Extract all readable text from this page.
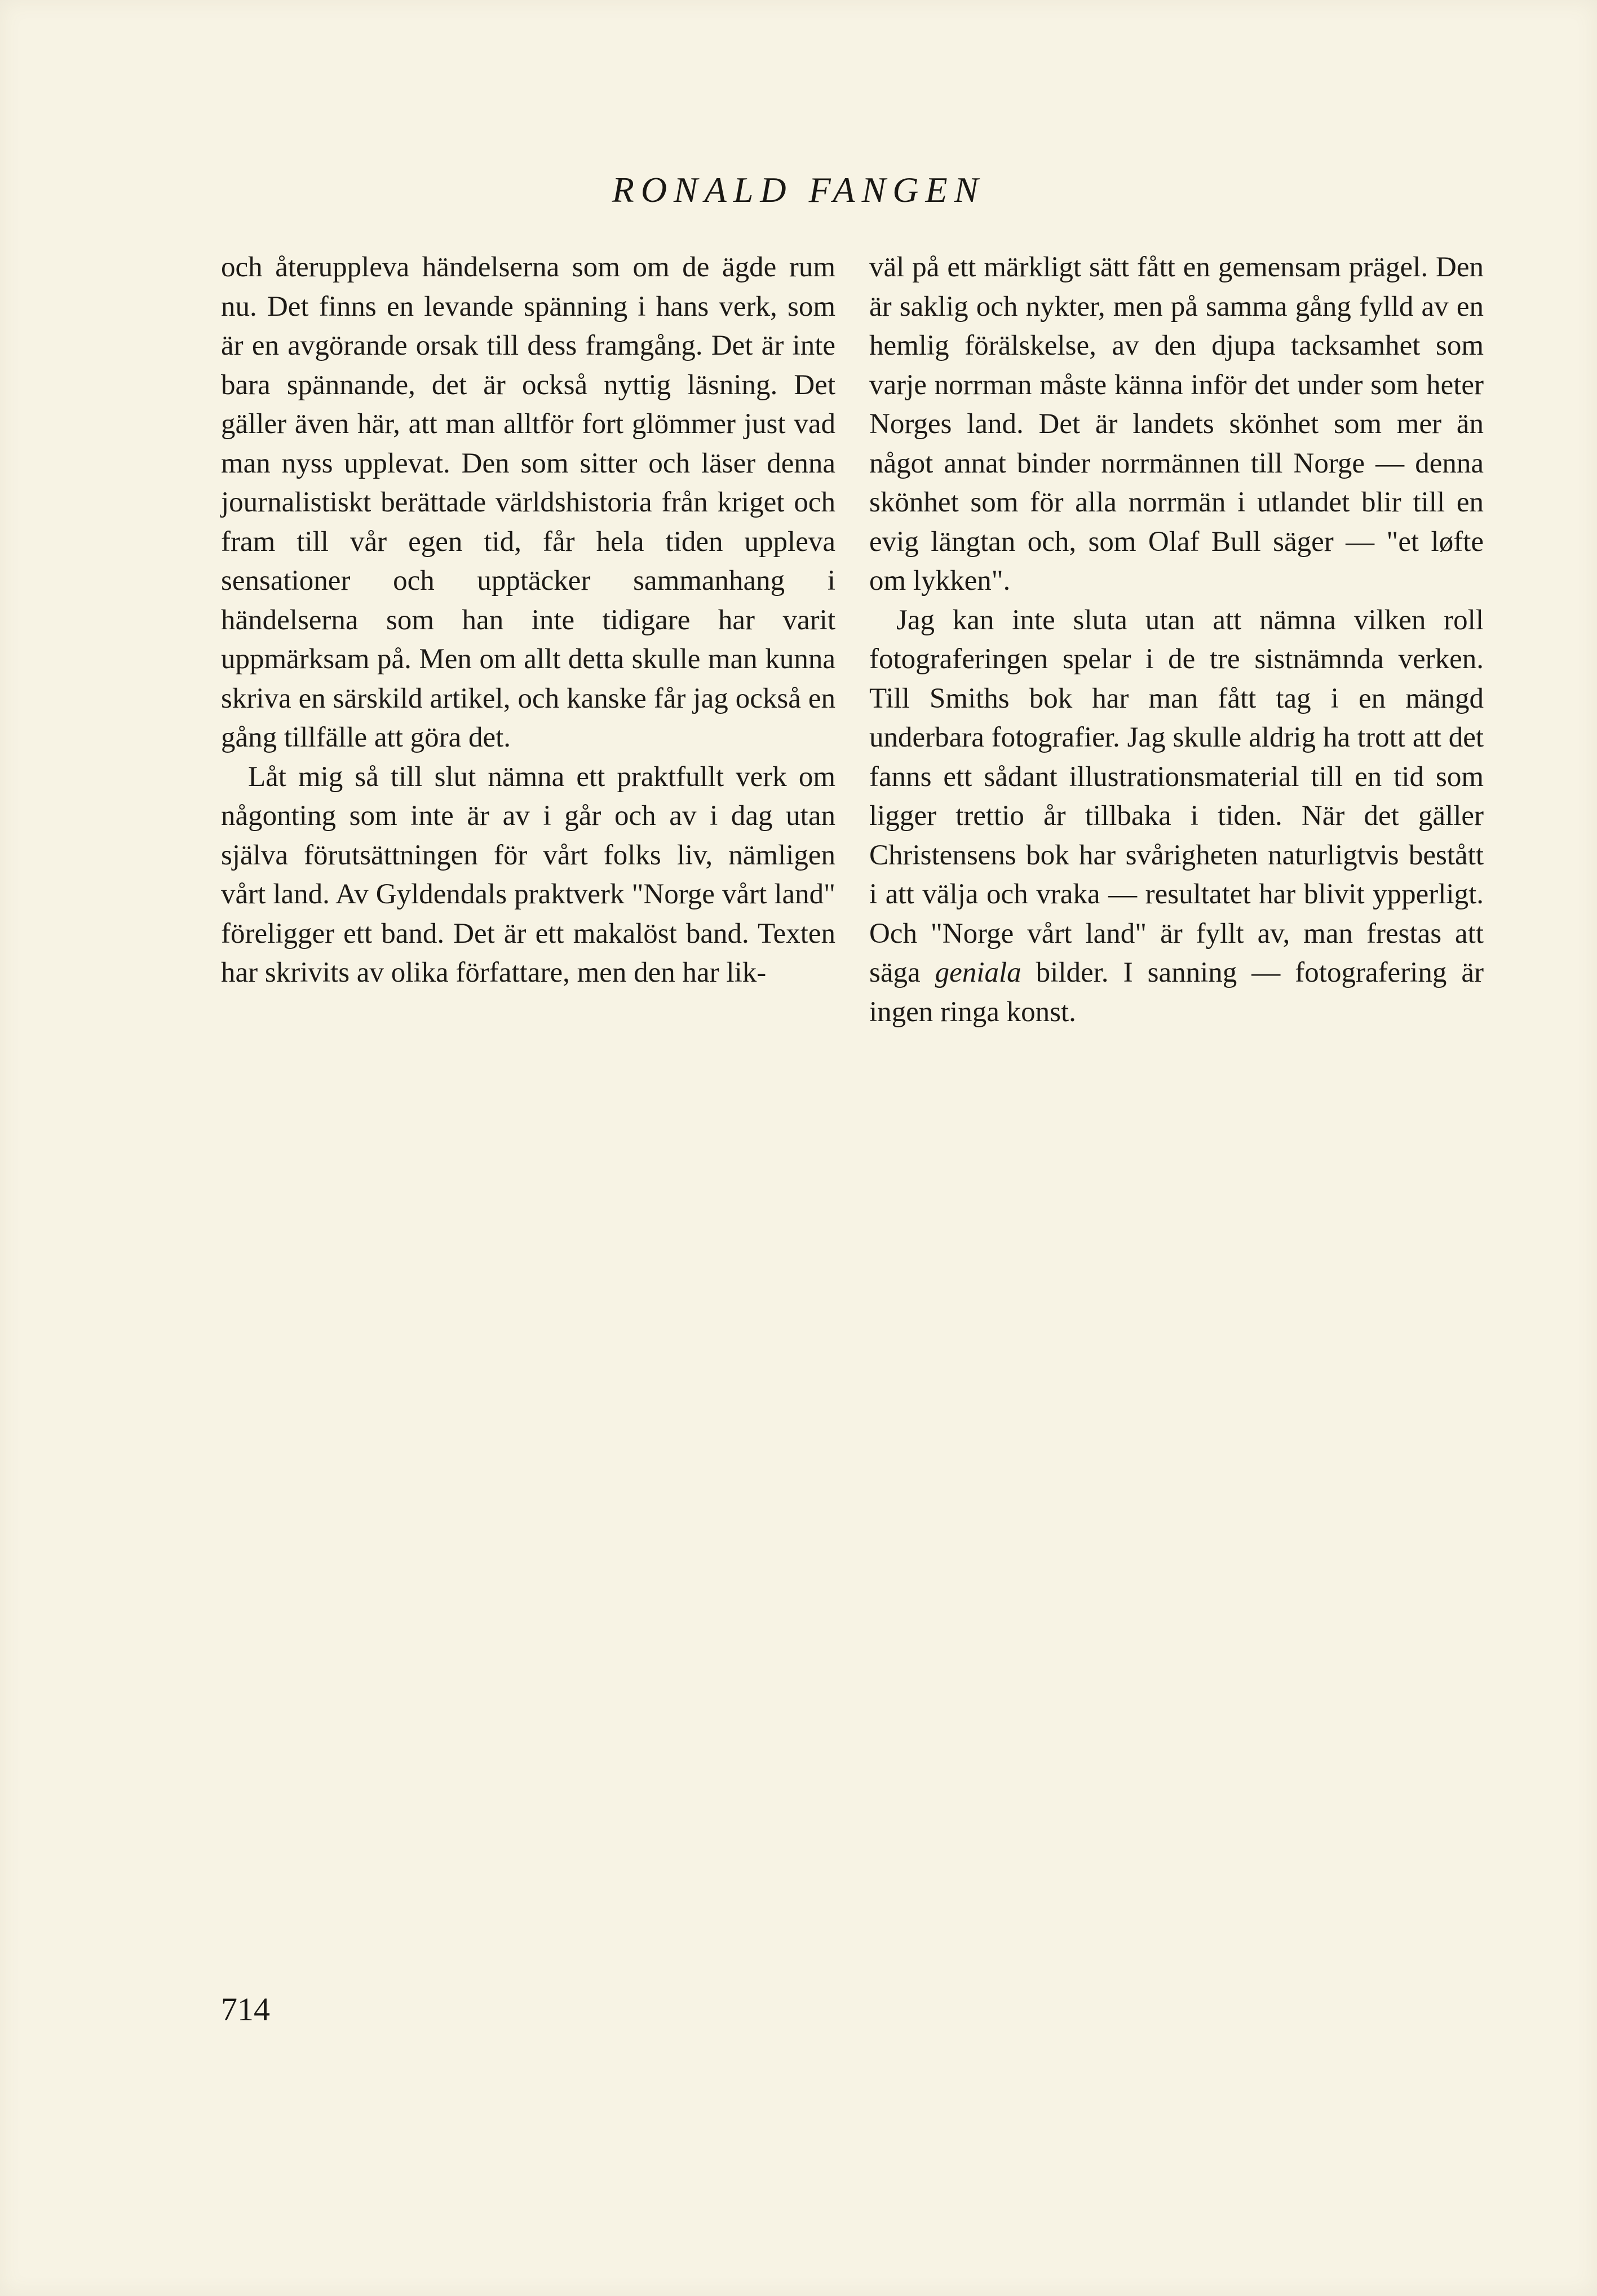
RONALD FANGEN

och återuppleva händelserna som om de ägde rum nu. Det finns en levande spänning i hans verk, som är en avgörande orsak till dess framgång. Det är inte bara spännande, det är också nyttig läsning. Det gäller även här, att man alltför fort glömmer just vad man nyss upplevat. Den som sitter och läser denna journalistiskt berättade världshistoria från kriget och fram till vår egen tid, får hela tiden uppleva sensationer och upptäcker sammanhang i händelserna som han inte tidigare har varit uppmärksam på. Men om allt detta skulle man kunna skriva en särskild artikel, och kanske får jag också en gång tillfälle att göra det.

Låt mig så till slut nämna ett praktfullt verk om någonting som inte är av i går och av i dag utan själva förutsättningen för vårt folks liv, nämligen vårt land. Av Gyldendals praktverk "Norge vårt land" föreligger ett band. Det är ett makalöst band. Texten har skrivits av olika författare, men den har lik-

väl på ett märkligt sätt fått en gemensam prägel. Den är saklig och nykter, men på samma gång fylld av en hemlig förälskelse, av den djupa tacksamhet som varje norrman måste känna inför det under som heter Norges land. Det är landets skönhet som mer än något annat binder norrmännen till Norge — denna skönhet som för alla norrmän i utlandet blir till en evig längtan och, som Olaf Bull säger — "et løfte om lykken".

Jag kan inte sluta utan att nämna vilken roll fotograferingen spelar i de tre sistnämnda verken. Till Smiths bok har man fått tag i en mängd underbara fotografier. Jag skulle aldrig ha trott att det fanns ett sådant illustrationsmaterial till en tid som ligger trettio år tillbaka i tiden. När det gäller Christensens bok har svårigheten naturligtvis bestått i att välja och vraka — resultatet har blivit ypperligt. Och "Norge vårt land" är fyllt av, man frestas att säga geniala bilder. I sanning — fotografering är ingen ringa konst.

714
